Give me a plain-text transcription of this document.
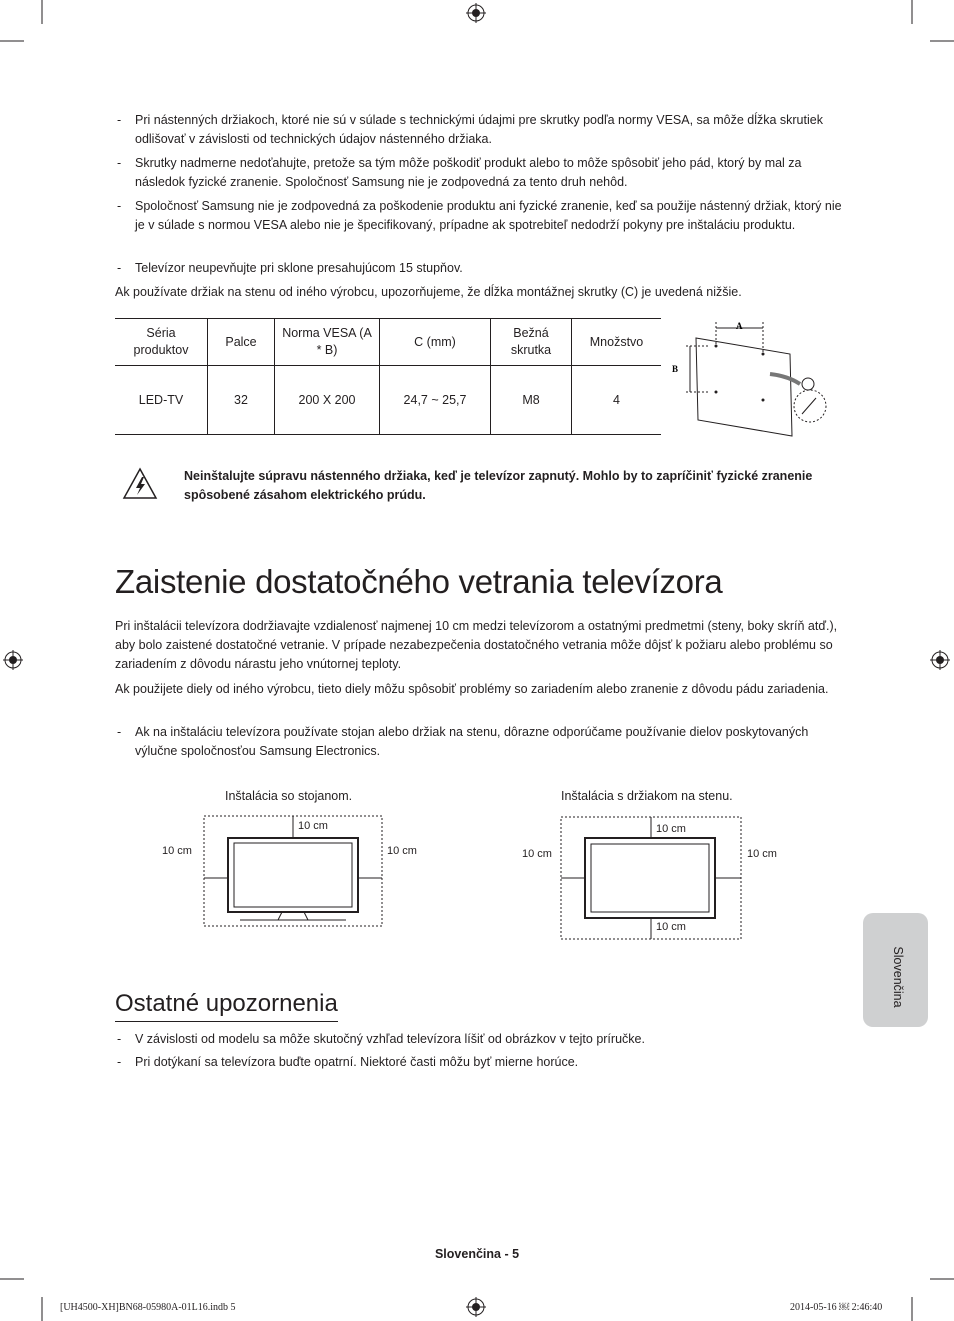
- Pri nástenných držiakoch, ktoré nie sú v súlade s technickými údajmi pre skrutky podľa normy VESA, sa môže dĺžka skrutiek odlišovať v závislosti od technických údajov nástenného držiaka.
- Skrutky nadmerne nedoťahujte, pretože sa tým môže poškodiť produkt alebo to môže spôsobiť jeho pád, ktorý by mal za následok fyzické zranenie. Spoločnosť Samsung nie je zodpovedná za tento druh nehôd.
- Spoločnosť Samsung nie je zodpovedná za poškodenie produktu ani fyzické zranenie, keď sa použije nástenný držiak, ktorý nie je v súlade s normou VESA alebo nie je špecifikovaný, prípadne ak spotrebiteľ nedodrží pokyny pre inštaláciu produktu.
- Televízor neupevňujte pri sklone presahujúcom 15 stupňov.
Ak používate držiak na stenu od iného výrobcu, upozorňujeme, že dĺžka montážnej skrutky (C) je uvedená nižšie.
Séria produktov	Palce	Norma VESA (A * B)	C (mm)	Bežná skrutka	Množstvo
LED-TV	32	200 X 200	24,7 ~ 25,7	M8	4
A
B
Neinštalujte súpravu nástenného držiaka, keď je televízor zapnutý. Mohlo by to zapríčiniť fyzické zranenie spôsobené zásahom elektrického prúdu.
Zaistenie dostatočného vetrania televízora
Pri inštalácii televízora dodržiavajte vzdialenosť najmenej 10 cm medzi televízorom a ostatnými predmetmi (steny, boky skríň atď.), aby bolo zaistené dostatočné vetranie. V prípade nezabezpečenia dostatočného vetrania môže dôjsť k požiaru alebo problému so zariadením z dôvodu nárastu jeho vnútornej teploty.
Ak použijete diely od iného výrobcu, tieto diely môžu spôsobiť problémy so zariadením alebo zranenie z dôvodu pádu zariadenia.
- Ak na inštaláciu televízora používate stojan alebo držiak na stenu, dôrazne odporúčame používanie dielov poskytovaných výlučne spoločnosťou Samsung Electronics.
Inštalácia so stojanom.
10 cm
10 cm	10 cm
Inštalácia s držiakom na stenu.
10 cm
10 cm	10 cm
10 cm
Ostatné upozornenia
- V závislosti od modelu sa môže skutočný vzhľad televízora líšiť od obrázkov v tejto príručke.
- Pri dotýkaní sa televízora buďte opatrní. Niektoré časti môžu byť mierne horúce.
Slovenčina
Slovenčina - 5
[UH4500-XH]BN68-05980A-01L16.indb 5	2014-05-16 ￼ 2:46:40
